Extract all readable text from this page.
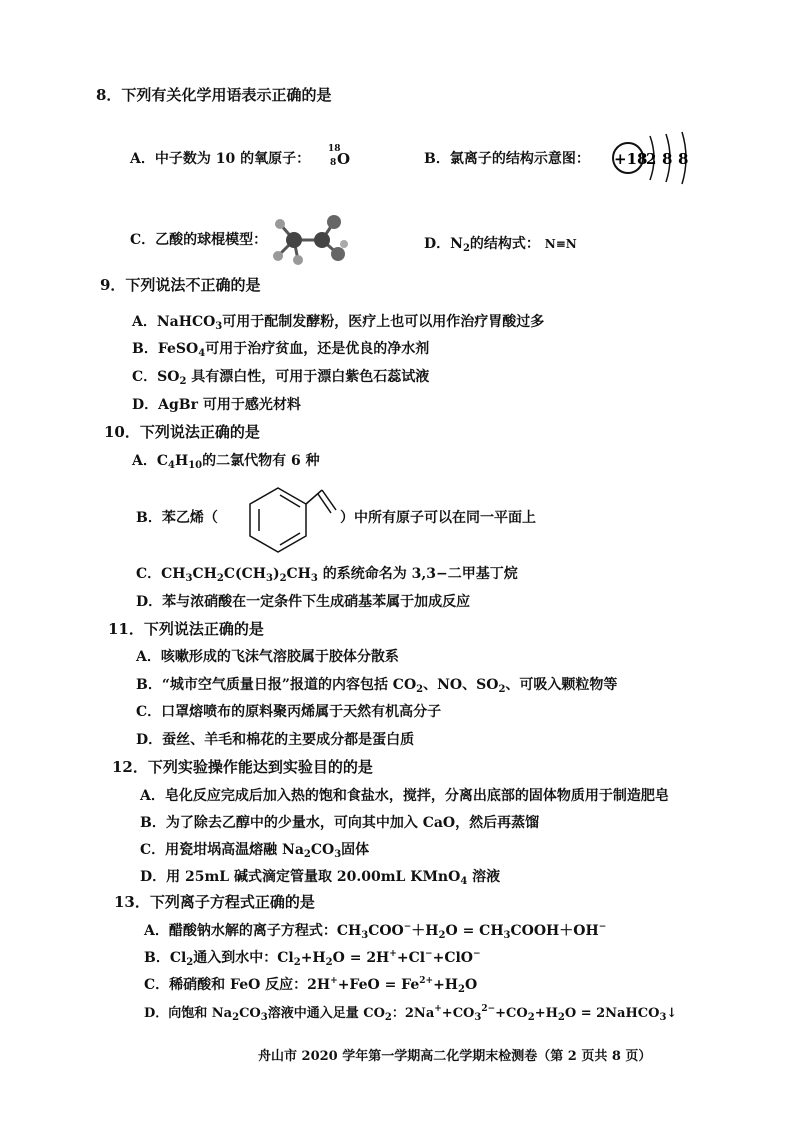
8．下列有关化学用语表示正确的是
A．中子数为 10 的氧原子：
18
8 O	B．氯离子的结构示意图： +18
2 8 8
C．乙酸的球棍模型：	D．$N_2$的结构式： N≡N
9．下列说法不正确的是
A．NaHCO$_3$可用于配制发酵粉，医疗上也可以用作治疗胃酸过多
B．FeSO$_4$可用于治疗贫血，还是优良的净水剂
C．$SO_2$ 具有漂白性，可用于漂白紫色石蕊试液
D．AgBr 可用于感光材料
10．下列说法正确的是
A．$C_4H_{10}$的二氯代物有 6 种
B．苯乙烯（	）中所有原子可以在同一平面上
C．$CH_3CH_2C(CH_3)_2CH_3$ 的系统命名为 3,3−二甲基丁烷
D．苯与浓硝酸在一定条件下生成硝基苯属于加成反应
11．下列说法正确的是
A．咳嗽形成的飞沫气溶胶属于胶体分散系
B．“城市空气质量日报”报道的内容包括 $CO_2$、NO、$SO_2$、可吸入颗粒物等
C．口罩熔喷布的原料聚丙烯属于天然有机高分子
D．蚕丝、羊毛和棉花的主要成分都是蛋白质
12．下列实验操作能达到实验目的的是
A．皂化反应完成后加入热的饱和食盐水，搅拌，分离出底部的固体物质用于制造肥皂
B．为了除去乙醇中的少量水，可向其中加入 CaO，然后再蒸馏
C．用瓷坩埚高温熔融 $Na_2CO_3$固体
D．用 25mL 碱式滴定管量取 20.00mL KMnO$_4$ 溶液
13．下列离子方程式正确的是
A．醋酸钠水解的离子方程式：$CH_3COO^-+H_2O$ = $CH_3COOH+OH^-$
B．$Cl_2$通入到水中：$Cl_2+H_2O = 2H^++Cl^-+ClO^-$
C．稀硝酸和 FeO 反应：$2H^++FeO = Fe^{2+}+H_2O$
D．向饱和 $Na_2CO_3$溶液中通入足量 $CO_2$：$2Na^++CO_3^{2-}+CO_2+H_2O$ = 2NaHCO$_3$↓
舟山市 2020 学年第一学期高二化学期末检测卷（第 2 页共 8 页）
